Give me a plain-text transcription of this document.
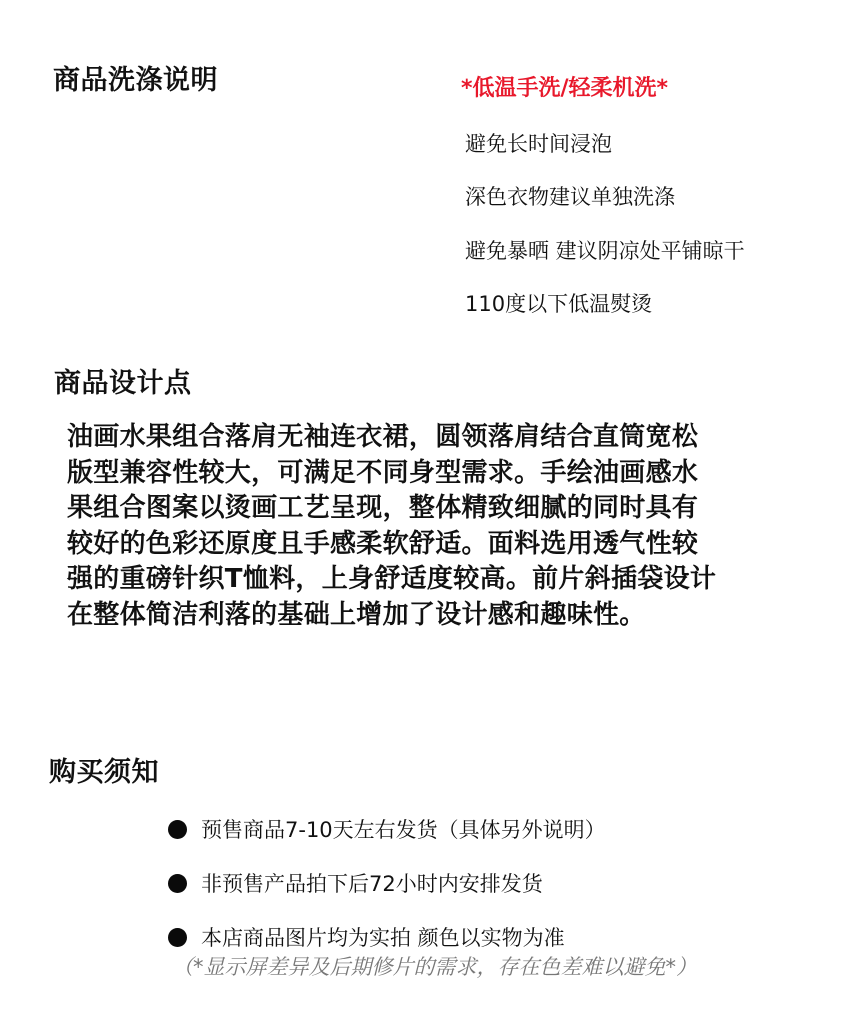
商品洗涤说明	*低温手洗/轻柔机洗*
避免长时间浸泡
深色衣物建议单独洗涤
避免暴晒 建议阴凉处平铺晾干
110度以下低温熨烫
商品设计点
油画水果组合落肩无袖连衣裙，圆领落肩结合直筒宽松
版型兼容性较大，可满足不同身型需求。手绘油画感水
果组合图案以烫画工艺呈现，整体精致细腻的同时具有
较好的色彩还原度且手感柔软舒适。面料选用透气性较
强的重磅针织T恤料，上身舒适度较高。前片斜插袋设计
在整体简洁利落的基础上增加了设计感和趣味性。
购买须知
预售商品7-10天左右发货（具体另外说明）
非预售产品拍下后72小时内安排发货
本店商品图片均为实拍 颜色以实物为准
（*显示屏差异及后期修片的需求，存在色差难以避免*）
